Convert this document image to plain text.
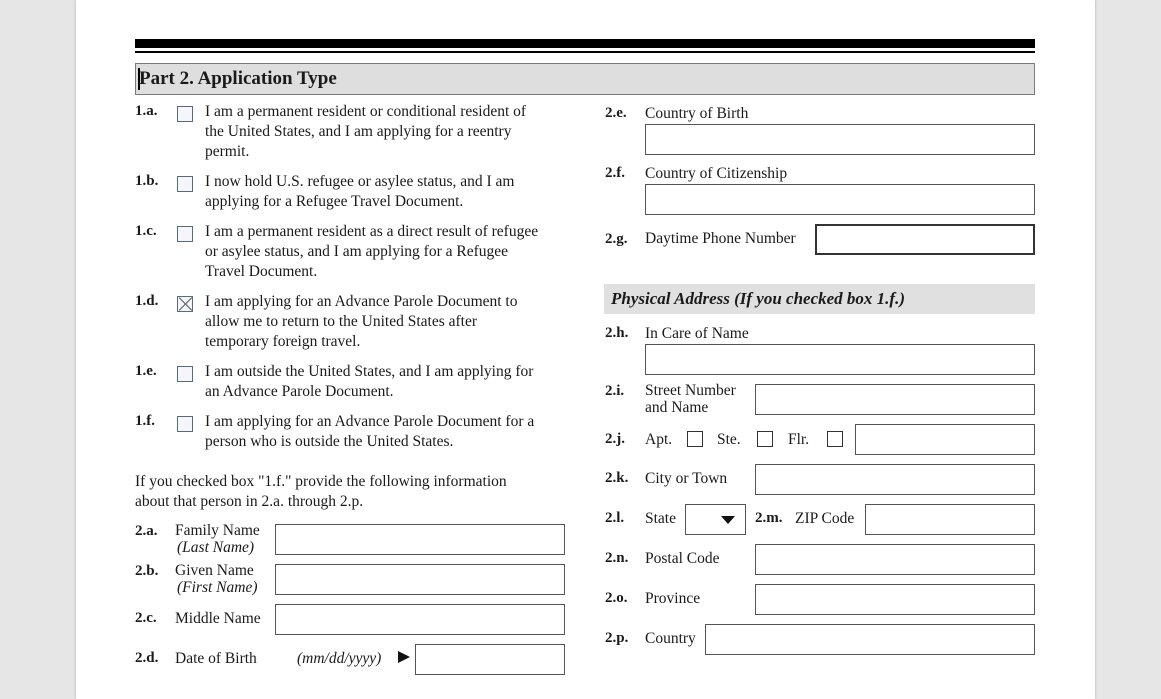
Part 2. Application Type
1.a.	I am a permanent resident or conditional resident of
the United States, and I am applying for a reentry
permit.
1.b.	I now hold U.S. refugee or asylee status, and I am
applying for a Refugee Travel Document.
1.c.	I am a permanent resident as a direct result of refugee
or asylee status, and I am applying for a Refugee
Travel Document.
1.d.	I am applying for an Advance Parole Document to
allow me to return to the United States after
temporary foreign travel.
1.e.	I am outside the United States, and I am applying for
an Advance Parole Document.
1.f.	I am applying for an Advance Parole Document for a
person who is outside the United States.
If you checked box "1.f." provide the following information
about that person in 2.a. through 2.p.
2.a. Family Name
(Last Name)
2.b. Given Name
(First Name)
2.c. Middle Name
2.d. Date of Birth	(mm/dd/yyyy)
2.e. Country of Birth
2.f. Country of Citizenship
2.g. Daytime Phone Number
Physical Address (If you checked box 1.f.)
2.h. In Care of Name
2.i. Street Number
and Name
2.j. Apt.	Ste.	Flr.
2.k. City or Town
2.l. State	2.m. ZIP Code
2.n. Postal Code
2.o. Province
2.p. Country
